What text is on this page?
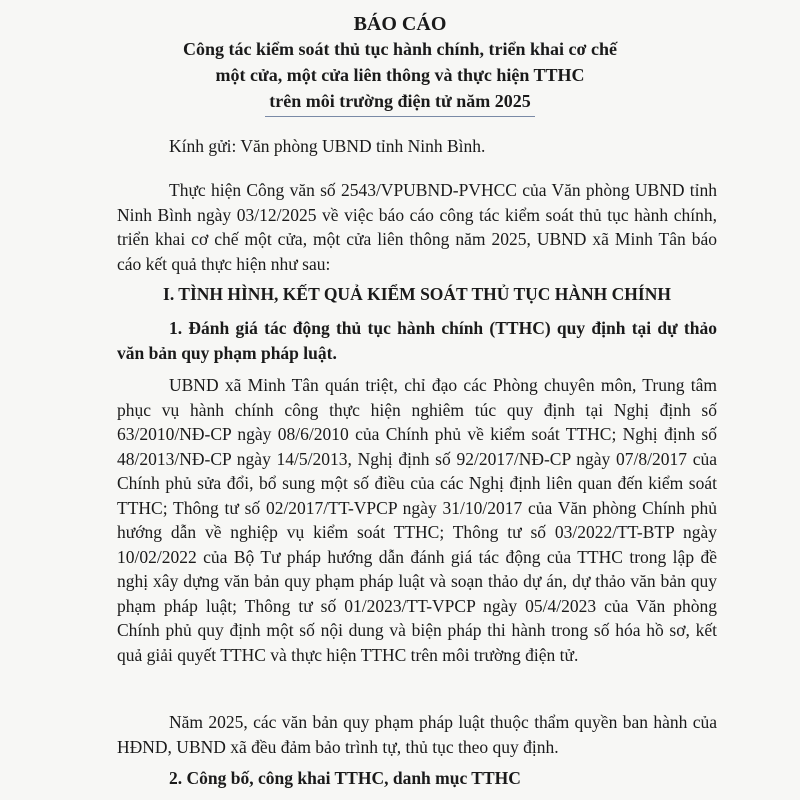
BÁO CÁO
Công tác kiểm soát thủ tục hành chính, triển khai cơ chế
một cửa, một cửa liên thông và thực hiện TTHC
trên môi trường điện tử năm 2025
Kính gửi: Văn phòng UBND tỉnh Ninh Bình.
Thực hiện Công văn số 2543/VPUBND-PVHCC của Văn phòng UBND tỉnh Ninh Bình ngày 03/12/2025 về việc báo cáo công tác kiểm soát thủ tục hành chính, triển khai cơ chế một cửa, một cửa liên thông năm 2025, UBND xã Minh Tân báo cáo kết quả thực hiện như sau:
I. TÌNH HÌNH, KẾT QUẢ KIỂM SOÁT THỦ TỤC HÀNH CHÍNH
1. Đánh giá tác động thủ tục hành chính (TTHC) quy định tại dự thảo văn bản quy phạm pháp luật.
UBND xã Minh Tân quán triệt, chỉ đạo các Phòng chuyên môn, Trung tâm phục vụ hành chính công thực hiện nghiêm túc quy định tại Nghị định số 63/2010/NĐ-CP ngày 08/6/2010 của Chính phủ về kiểm soát TTHC; Nghị định số 48/2013/NĐ-CP ngày 14/5/2013, Nghị định số 92/2017/NĐ-CP ngày 07/8/2017 của Chính phủ sửa đổi, bổ sung một số điều của các Nghị định liên quan đến kiểm soát TTHC; Thông tư số 02/2017/TT-VPCP ngày 31/10/2017 của Văn phòng Chính phủ hướng dẫn về nghiệp vụ kiểm soát TTHC; Thông tư số 03/2022/TT-BTP ngày 10/02/2022 của Bộ Tư pháp hướng dẫn đánh giá tác động của TTHC trong lập đề nghị xây dựng văn bản quy phạm pháp luật và soạn thảo dự án, dự thảo văn bản quy phạm pháp luật; Thông tư số 01/2023/TT-VPCP ngày 05/4/2023 của Văn phòng Chính phủ quy định một số nội dung và biện pháp thi hành trong số hóa hồ sơ, kết quả giải quyết TTHC và thực hiện TTHC trên môi trường điện tử.
Năm 2025, các văn bản quy phạm pháp luật thuộc thẩm quyền ban hành của HĐND, UBND xã đều đảm bảo trình tự, thủ tục theo quy định.
2. Công bố, công khai TTHC, danh mục TTHC
